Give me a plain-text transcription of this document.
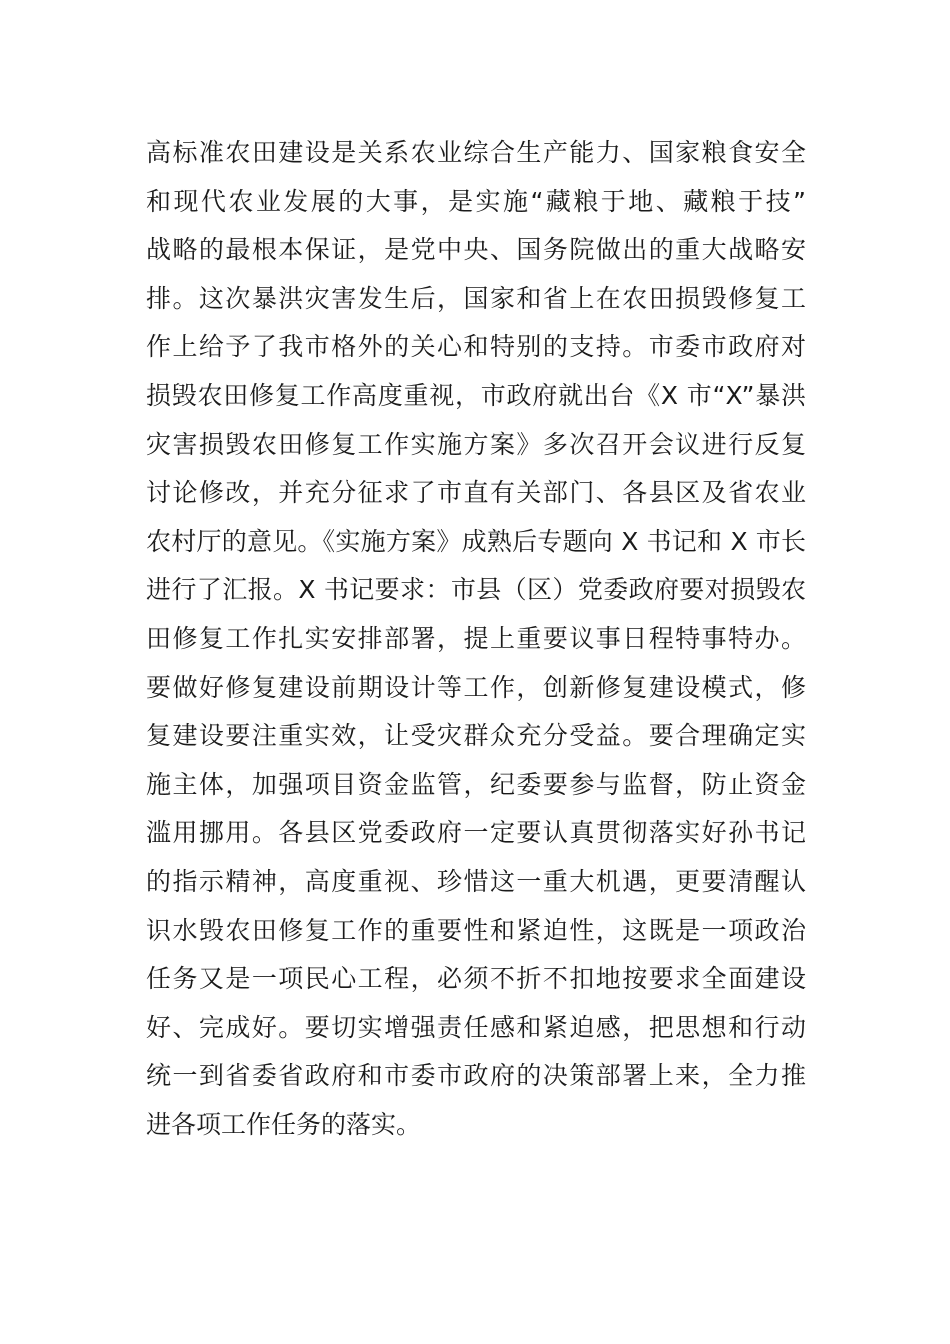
高标准农田建设是关系农业综合生产能力、国家粮食安全
和现代农业发展的大事，是实施“藏粮于地、藏粮于技”
战略的最根本保证，是党中央、国务院做出的重大战略安
排。这次暴洪灾害发生后，国家和省上在农田损毁修复工
作上给予了我市格外的关心和特别的支持。市委市政府对
损毁农田修复工作高度重视，市政府就出台《X 市“X”暴洪
灾害损毁农田修复工作实施方案》多次召开会议进行反复
讨论修改，并充分征求了市直有关部门、各县区及省农业
农村厅的意见。《实施方案》成熟后专题向 X 书记和 X 市长
进行了汇报。X 书记要求：市县（区）党委政府要对损毁农
田修复工作扎实安排部署，提上重要议事日程特事特办。
要做好修复建设前期设计等工作，创新修复建设模式，修
复建设要注重实效，让受灾群众充分受益。要合理确定实
施主体，加强项目资金监管，纪委要参与监督，防止资金
滥用挪用。各县区党委政府一定要认真贯彻落实好孙书记
的指示精神，高度重视、珍惜这一重大机遇，更要清醒认
识水毁农田修复工作的重要性和紧迫性，这既是一项政治
任务又是一项民心工程，必须不折不扣地按要求全面建设
好、完成好。要切实增强责任感和紧迫感，把思想和行动
统一到省委省政府和市委市政府的决策部署上来，全力推
进各项工作任务的落实。
